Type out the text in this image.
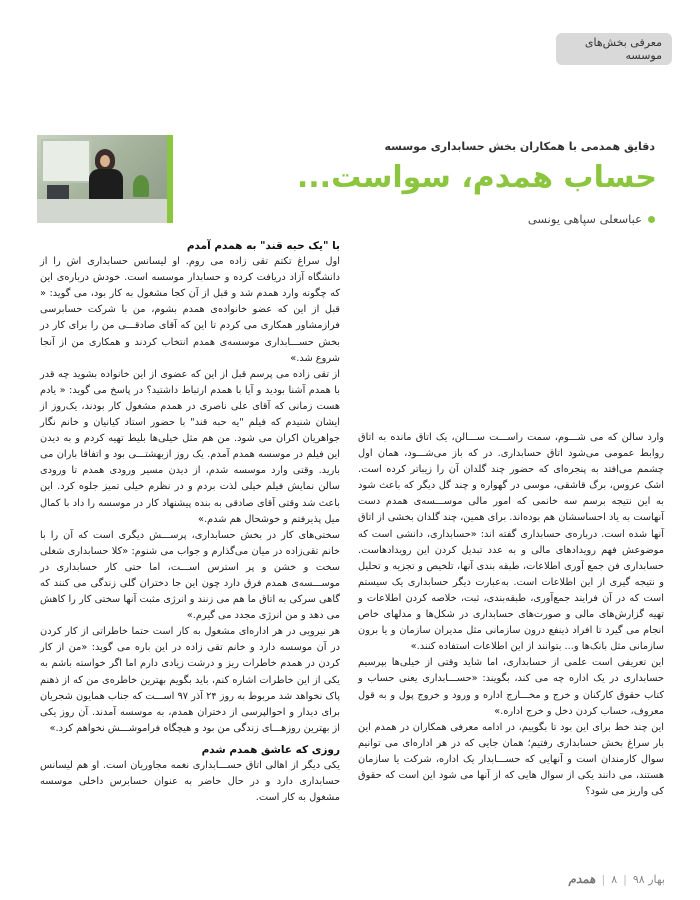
معرفی بخش‌های موسسه
دقایق همدمی با همکاران بخش حسابداری موسسه
حساب همدم، سواست...
عباسعلی سپاهی یونسی
با "یک حبه قند" به همدم آمدم

اول سراغ تکتم تقی زاده می روم. او لیسانس حسابداری اش را از دانشگاه آزاد دریافت کرده و حسابدار موسسه است. خودش درباره‌ی این که چگونه وارد همدم شد و قبل از آن کجا مشغول به کار بود، می گوید: « قبل از این که عضو خانواده‌ی همدم بشوم، من با شرکت حسابرسی فرازمشاور همکاری می کردم تا این که آقای صادقـــی من را برای کار در بخش حســـابداری موسسه‌ی همدم انتخاب کردند و همکاری من از آنجا شروع شد.»

از تقی زاده می پرسم قبل از این که عضوی از این خانواده بشوید چه قدر با همدم آشنا بودید و آیا با همدم ارتباط داشتید؟ در پاسخ می گوید: « یادم هست زمانی که آقای علی ناصری در همدم مشغول کار بودند، یک‌روز از ایشان شنیدم که فیلم "یه حبه قند" با حضور استاد کیانیان و خانم نگار جواهریان اکران می شود. من هم مثل خیلی‌ها بلیط تهیه کردم و به دیدن این فیلم در موسسه همدم آمدم. یک روز ازبهشتـــی بود و اتفاقا باران می بارید. وقتی وارد موسسه شدم، از دیدن مسیر ورودی همدم تا ورودی سالن نمایش فیلم خیلی لذت بردم و در نظرم خیلی تمیز جلوه کرد. این باعث شد وقتی آقای صادقی به بنده پیشنهاد کار در موسسه را داد با کمال میل پذیرفتم و خوشحال هم شدم.»

سختی‌های کار در بخش حسابداری، پرســـش دیگری است که آن را با خانم تقی‌زاده در میان می‌گذارم و جواب می شنوم: «کلا حسابداری شغلی سخت و خشن و پر استرس اســـت، اما حتی کار حسابداری در موســـسه‌ی همدم فرق دارد چون این جا دختران گلی زندگی می کنند که گاهی سرکی به اتاق ما هم می زنند و انرژی مثبت آنها سختی کار را کاهش می دهد و من انرژی مجدد می گیرم.»

هر نیرویی در هر اداره‌ای مشغول به کار است حتما خاطراتی از کار کردن در آن موسسه دارد و خانم تقی زاده در این باره می گوید: «من از کار کردن در همدم خاطرات ریز و درشت زیادی دارم اما اگر خواسته باشم به یکی از این خاطرات اشاره کنم، باید بگویم بهترین خاطره‌ی من که از ذهنم پاک نخواهد شد مربوط به روز ۲۴ آذر ۹۷ اســـت که جناب همایون شجریان برای دیدار و احوالپرسی از دختران همدم، به موسسه آمدند. آن روز یکی از بهترین روزهـــای زندگی من بود و هیچگاه فراموشـــش نخواهم کرد.»

روزی که عاشق همدم شدم

یکی دیگر از اهالی اتاق حســـابداری نغمه مجاوریان است. او هم لیسانس حسابداری دارد و در حال حاضر به عنوان حسابرس داخلی موسسه مشغول به کار است.

وارد سالن که می شـــوم، سمت راســـت ســـالن، یک اتاق مانده به اتاق روابط عمومی می‌شود اتاق حسابداری. در که باز می‌شـــود، همان اول چشمم می‌افتد به پنجره‌ای که حضور چند گلدان آن را زیباتر کرده است. اشک عروس، برگ قاشقی، موسی در گهواره و چند گل دیگر که باعث شود به این نتیجه برسم سه خانمی که امور مالی موســـسه‌ی همدم دست آنهاست به یاد احساسشان هم بوده‌اند. برای همین، چند گلدان بخشی از اتاق آنها شده است. درباره‌ی حسابداری گفته اند: «حسابداری، دانشی است که موضوعش فهم رویدادهای مالی و به عدد تبدیل کردن این رویدادهاست. حسابداری فن جمع آوری اطلاعات، طبقه بندی آنها، تلخیص و تجزیه و تحلیل و نتیجه گیری از این اطلاعات است. به‌عبارت دیگر حسابداری یک سیستم است که در آن فرایند جمع‌آوری، طبقه‌بندی، ثبت، خلاصه کردن اطلاعات و تهیه گزارش‌های مالی و صورت‌های حسابداری در شکل‌ها و مدلهای خاص انجام می گیرد تا افراد ذینفع درون سازمانی مثل مدیران سازمان و یا برون سازمانی مثل بانک‌ها و... بتوانند از این اطلاعات استفاده کنند.»

این تعریفی است علمی از حسابداری، اما شاید وقتی از خیلی‌ها بپرسیم حسابداری در یک اداره چه می کند، بگویند: «حســـابداری یعنی حساب و کتاب حقوق کارکنان و خرج و مخـــارج اداره و ورود و خروج پول و به قول معروف، حساب کردن دخل و خرج اداره.»

این چند خط برای این بود تا بگوییم، در ادامه معرفی همکاران در همدم این بار سراغ بخش حسابداری رفتیم؛ همان جایی که در هر اداره‌ای می توانیم سوال کارمندان است و آنهایی که حســـابدار یک اداره، شرکت یا سازمان هستند، می دانند یکی از سوال هایی که از آنها می شود این است که حقوق کی واریز می شود؟

بهار ۹۸
|
۸
|
همدم
